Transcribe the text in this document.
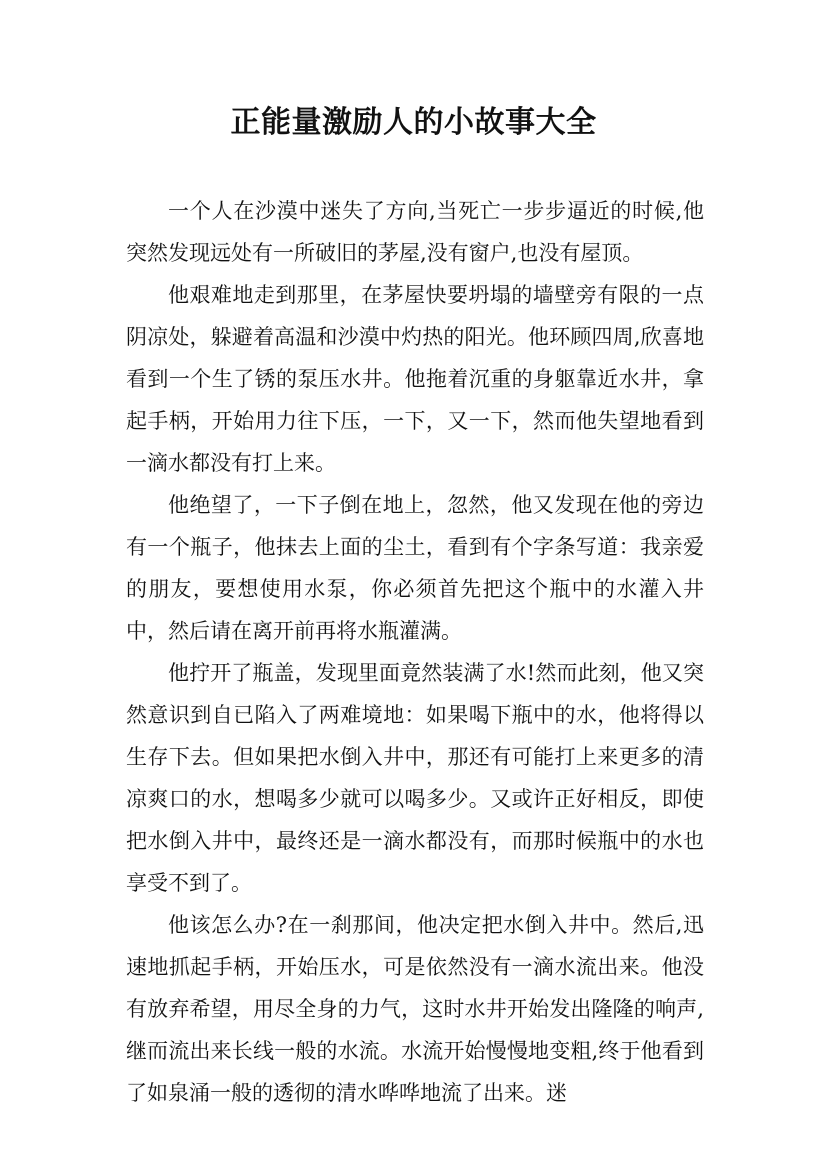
正能量激励人的小故事大全

一个人在沙漠中迷失了方向,当死亡一步步逼近的时候,他突然发现远处有一所破旧的茅屋,没有窗户,也没有屋顶。

他艰难地走到那里，在茅屋快要坍塌的墙壁旁有限的一点阴凉处，躲避着高温和沙漠中灼热的阳光。他环顾四周,欣喜地看到一个生了锈的泵压水井。他拖着沉重的身躯靠近水井，拿起手柄，开始用力往下压，一下，又一下，然而他失望地看到一滴水都没有打上来。

他绝望了，一下子倒在地上，忽然，他又发现在他的旁边有一个瓶子，他抹去上面的尘土，看到有个字条写道：我亲爱的朋友，要想使用水泵，你必须首先把这个瓶中的水灌入井中，然后请在离开前再将水瓶灌满。

他拧开了瓶盖，发现里面竟然装满了水!然而此刻，他又突然意识到自已陷入了两难境地：如果喝下瓶中的水，他将得以生存下去。但如果把水倒入井中，那还有可能打上来更多的清凉爽口的水，想喝多少就可以喝多少。又或许正好相反，即使把水倒入井中，最终还是一滴水都没有，而那时候瓶中的水也享受不到了。

他该怎么办?在一刹那间，他决定把水倒入井中。然后,迅速地抓起手柄，开始压水，可是依然没有一滴水流出来。他没有放弃希望，用尽全身的力气，这时水井开始发出隆隆的响声,继而流出来长线一般的水流。水流开始慢慢地变粗,终于他看到了如泉涌一般的透彻的清水哗哗地流了出来。迷
